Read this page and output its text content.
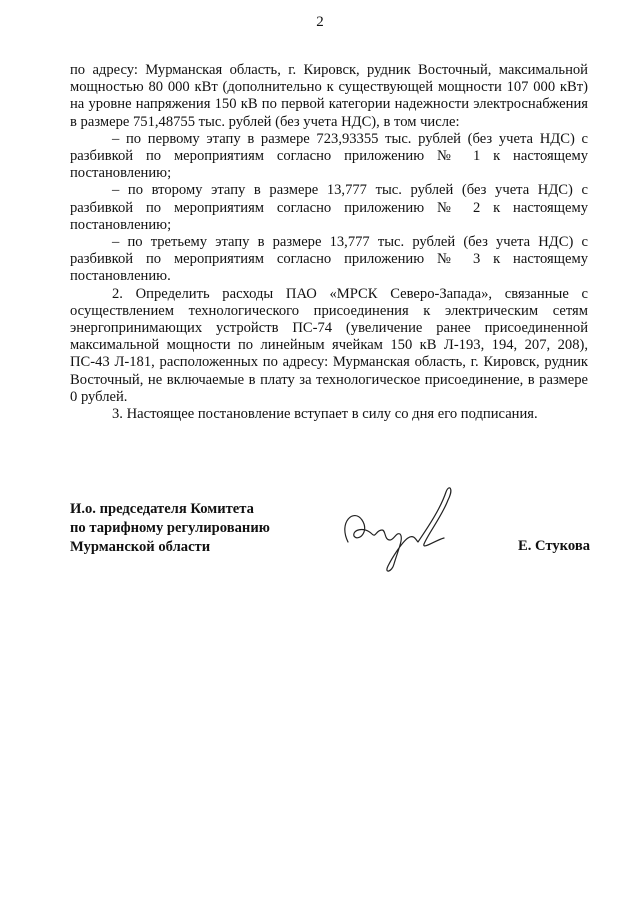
2

по адресу: Мурманская область, г. Кировск, рудник Восточный, максимальной мощностью 80 000 кВт (дополнительно к существующей мощности 107 000 кВт) на уровне напряжения 150 кВ по первой категории надежности электроснабжения в размере 751,48755 тыс. рублей (без учета НДС), в том числе:

– по первому этапу в размере 723,93355 тыс. рублей (без учета НДС) с разбивкой по мероприятиям согласно приложению № 1 к настоящему постановлению;

– по второму этапу в размере 13,777 тыс. рублей (без учета НДС) с разбивкой по мероприятиям согласно приложению № 2 к настоящему постановлению;

– по третьему этапу в размере 13,777 тыс. рублей (без учета НДС) с разбивкой по мероприятиям согласно приложению № 3 к настоящему постановлению.

2. Определить расходы ПАО «МРСК Северо-Запада», связанные с осуществлением технологического присоединения к электрическим сетям энергопринимающих устройств ПС-74 (увеличение ранее присоединенной максимальной мощности по линейным ячейкам 150 кВ Л-193, 194, 207, 208), ПС-43 Л-181, расположенных по адресу: Мурманская область, г. Кировск, рудник Восточный, не включаемые в плату за технологическое присоединение, в размере 0 рублей.

3. Настоящее постановление вступает в силу со дня его подписания.

И.о. председателя Комитета
по тарифному регулированию
Мурманской области	Е. Стукова
